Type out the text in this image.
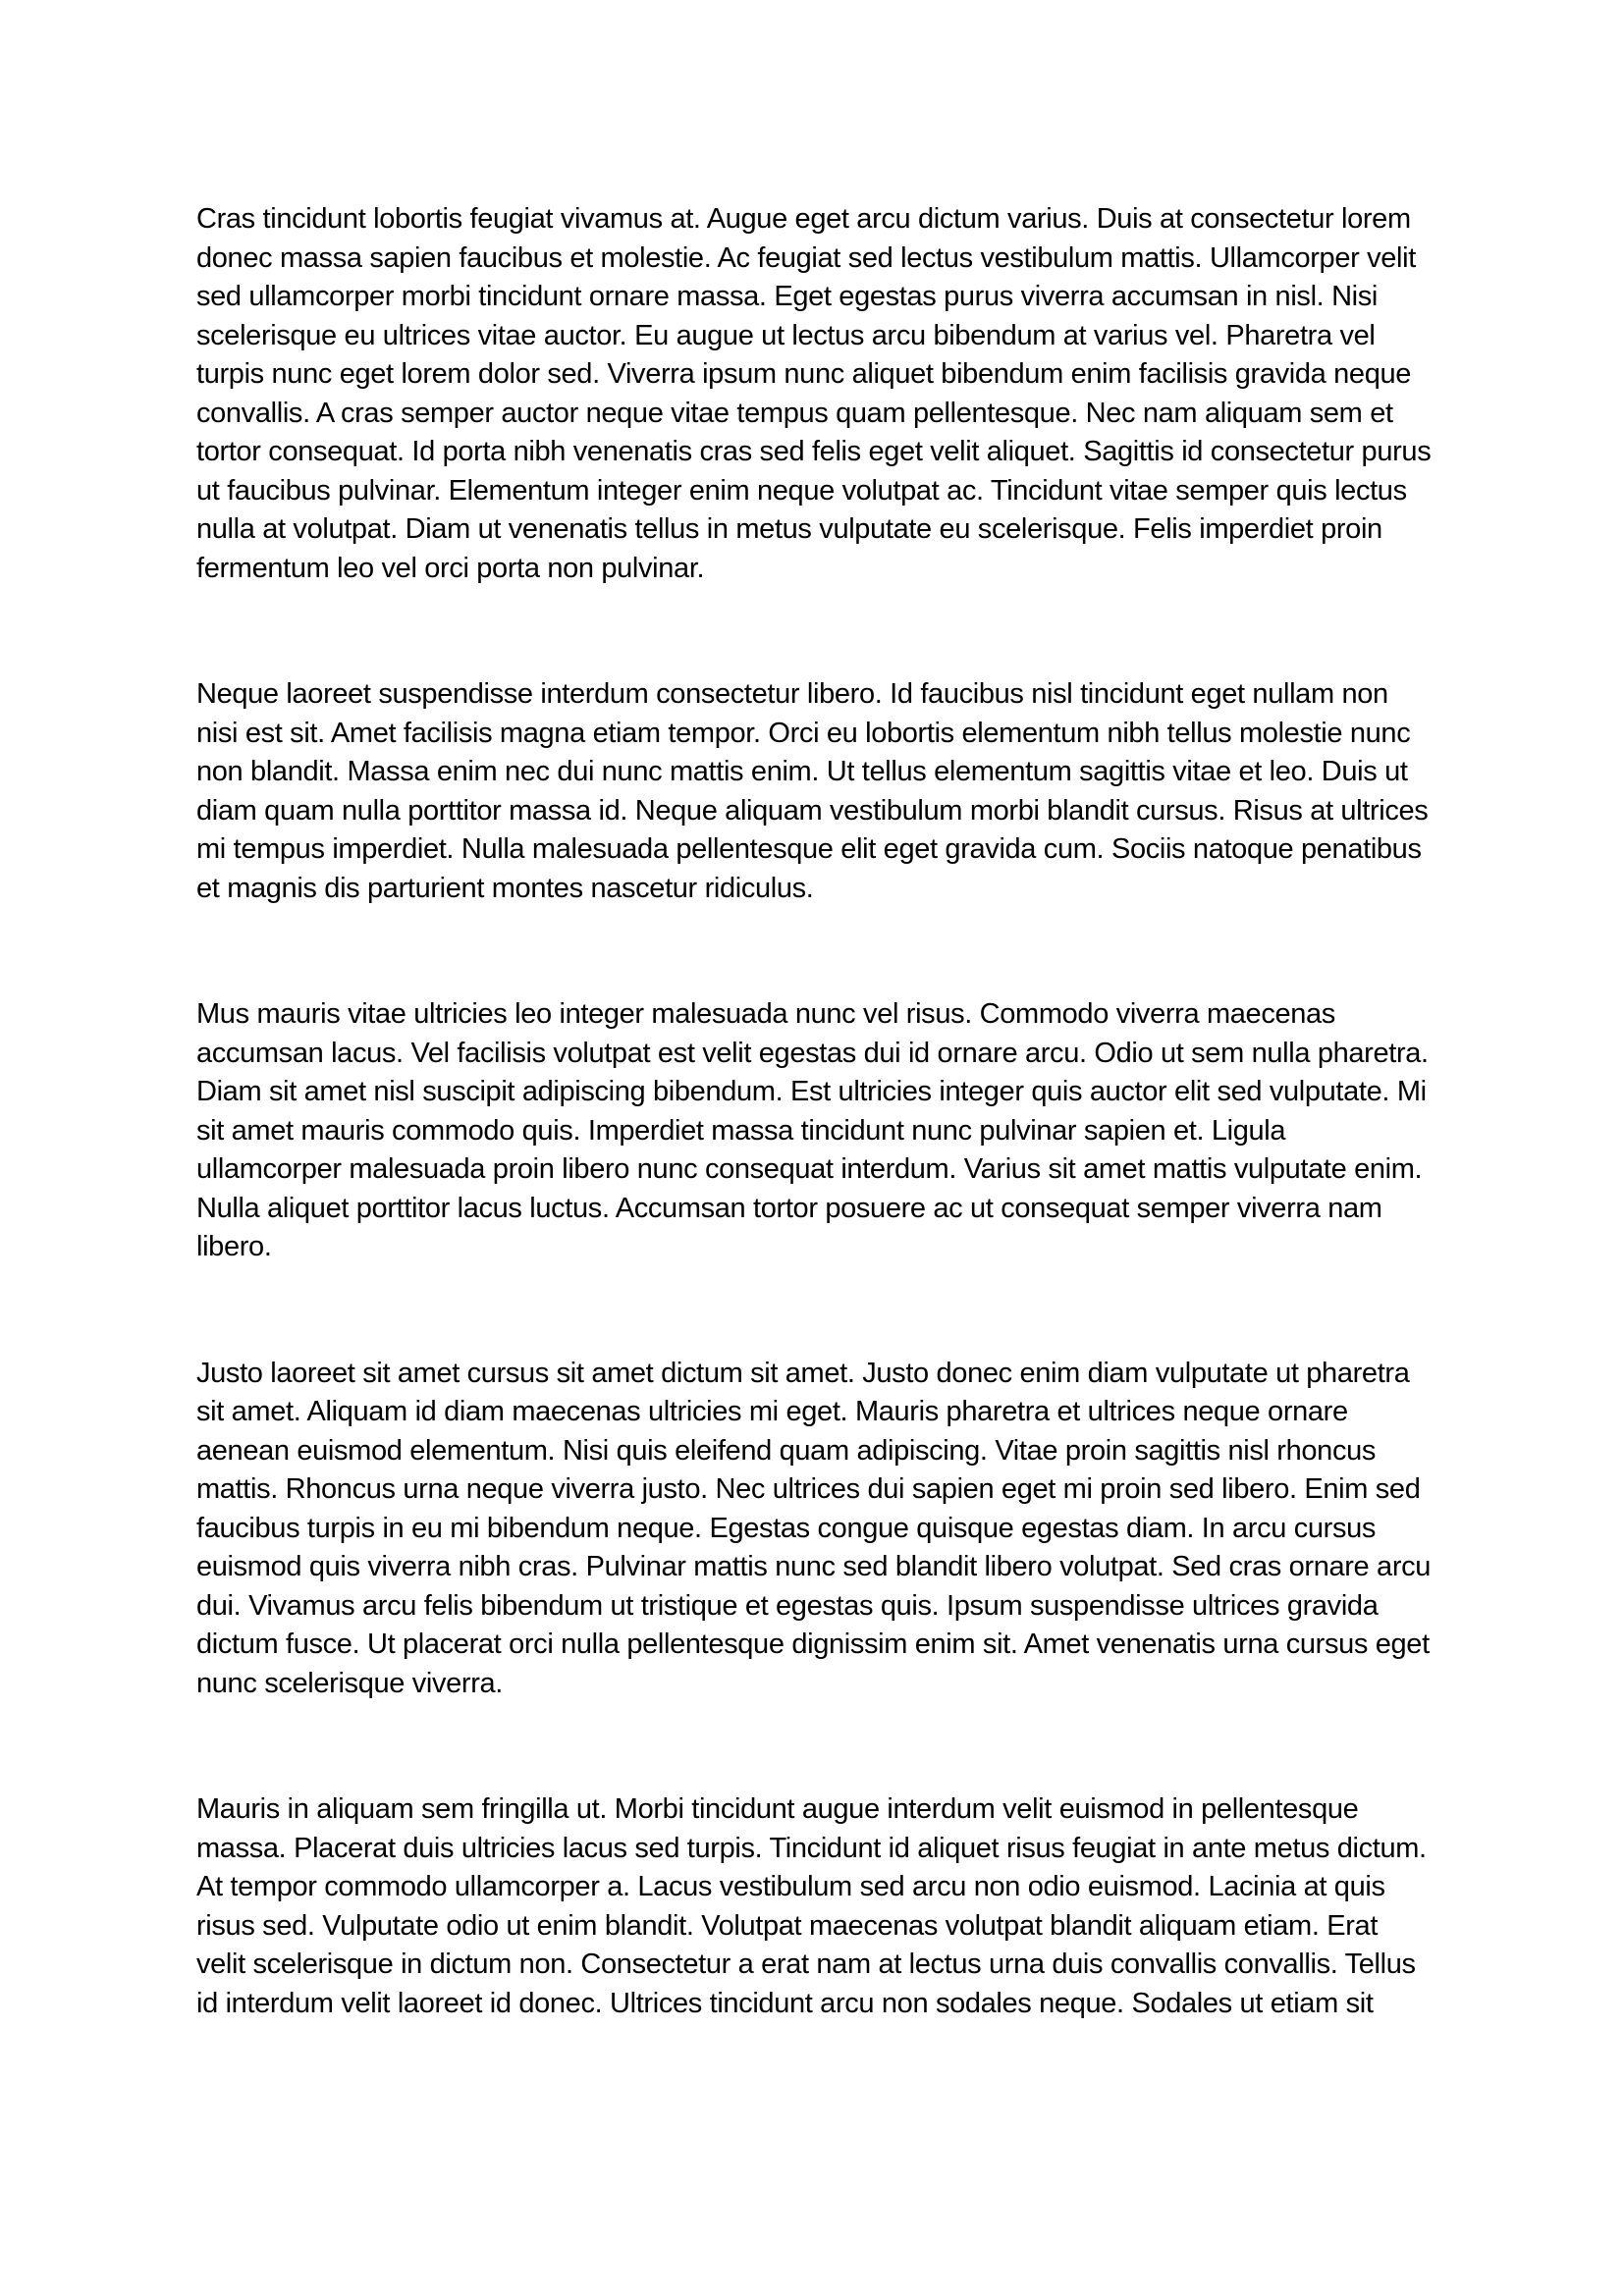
Cras tincidunt lobortis feugiat vivamus at. Augue eget arcu dictum varius. Duis at consectetur lorem
donec massa sapien faucibus et molestie. Ac feugiat sed lectus vestibulum mattis. Ullamcorper velit
sed ullamcorper morbi tincidunt ornare massa. Eget egestas purus viverra accumsan in nisl. Nisi
scelerisque eu ultrices vitae auctor. Eu augue ut lectus arcu bibendum at varius vel. Pharetra vel
turpis nunc eget lorem dolor sed. Viverra ipsum nunc aliquet bibendum enim facilisis gravida neque
convallis. A cras semper auctor neque vitae tempus quam pellentesque. Nec nam aliquam sem et
tortor consequat. Id porta nibh venenatis cras sed felis eget velit aliquet. Sagittis id consectetur purus
ut faucibus pulvinar. Elementum integer enim neque volutpat ac. Tincidunt vitae semper quis lectus
nulla at volutpat. Diam ut venenatis tellus in metus vulputate eu scelerisque. Felis imperdiet proin
fermentum leo vel orci porta non pulvinar.

Neque laoreet suspendisse interdum consectetur libero. Id faucibus nisl tincidunt eget nullam non
nisi est sit. Amet facilisis magna etiam tempor. Orci eu lobortis elementum nibh tellus molestie nunc
non blandit. Massa enim nec dui nunc mattis enim. Ut tellus elementum sagittis vitae et leo. Duis ut
diam quam nulla porttitor massa id. Neque aliquam vestibulum morbi blandit cursus. Risus at ultrices
mi tempus imperdiet. Nulla malesuada pellentesque elit eget gravida cum. Sociis natoque penatibus
et magnis dis parturient montes nascetur ridiculus.

Mus mauris vitae ultricies leo integer malesuada nunc vel risus. Commodo viverra maecenas
accumsan lacus. Vel facilisis volutpat est velit egestas dui id ornare arcu. Odio ut sem nulla pharetra.
Diam sit amet nisl suscipit adipiscing bibendum. Est ultricies integer quis auctor elit sed vulputate. Mi
sit amet mauris commodo quis. Imperdiet massa tincidunt nunc pulvinar sapien et. Ligula
ullamcorper malesuada proin libero nunc consequat interdum. Varius sit amet mattis vulputate enim.
Nulla aliquet porttitor lacus luctus. Accumsan tortor posuere ac ut consequat semper viverra nam
libero.

Justo laoreet sit amet cursus sit amet dictum sit amet. Justo donec enim diam vulputate ut pharetra
sit amet. Aliquam id diam maecenas ultricies mi eget. Mauris pharetra et ultrices neque ornare
aenean euismod elementum. Nisi quis eleifend quam adipiscing. Vitae proin sagittis nisl rhoncus
mattis. Rhoncus urna neque viverra justo. Nec ultrices dui sapien eget mi proin sed libero. Enim sed
faucibus turpis in eu mi bibendum neque. Egestas congue quisque egestas diam. In arcu cursus
euismod quis viverra nibh cras. Pulvinar mattis nunc sed blandit libero volutpat. Sed cras ornare arcu
dui. Vivamus arcu felis bibendum ut tristique et egestas quis. Ipsum suspendisse ultrices gravida
dictum fusce. Ut placerat orci nulla pellentesque dignissim enim sit. Amet venenatis urna cursus eget
nunc scelerisque viverra.

Mauris in aliquam sem fringilla ut. Morbi tincidunt augue interdum velit euismod in pellentesque
massa. Placerat duis ultricies lacus sed turpis. Tincidunt id aliquet risus feugiat in ante metus dictum.
At tempor commodo ullamcorper a. Lacus vestibulum sed arcu non odio euismod. Lacinia at quis
risus sed. Vulputate odio ut enim blandit. Volutpat maecenas volutpat blandit aliquam etiam. Erat
velit scelerisque in dictum non. Consectetur a erat nam at lectus urna duis convallis convallis. Tellus
id interdum velit laoreet id donec. Ultrices tincidunt arcu non sodales neque. Sodales ut etiam sit
